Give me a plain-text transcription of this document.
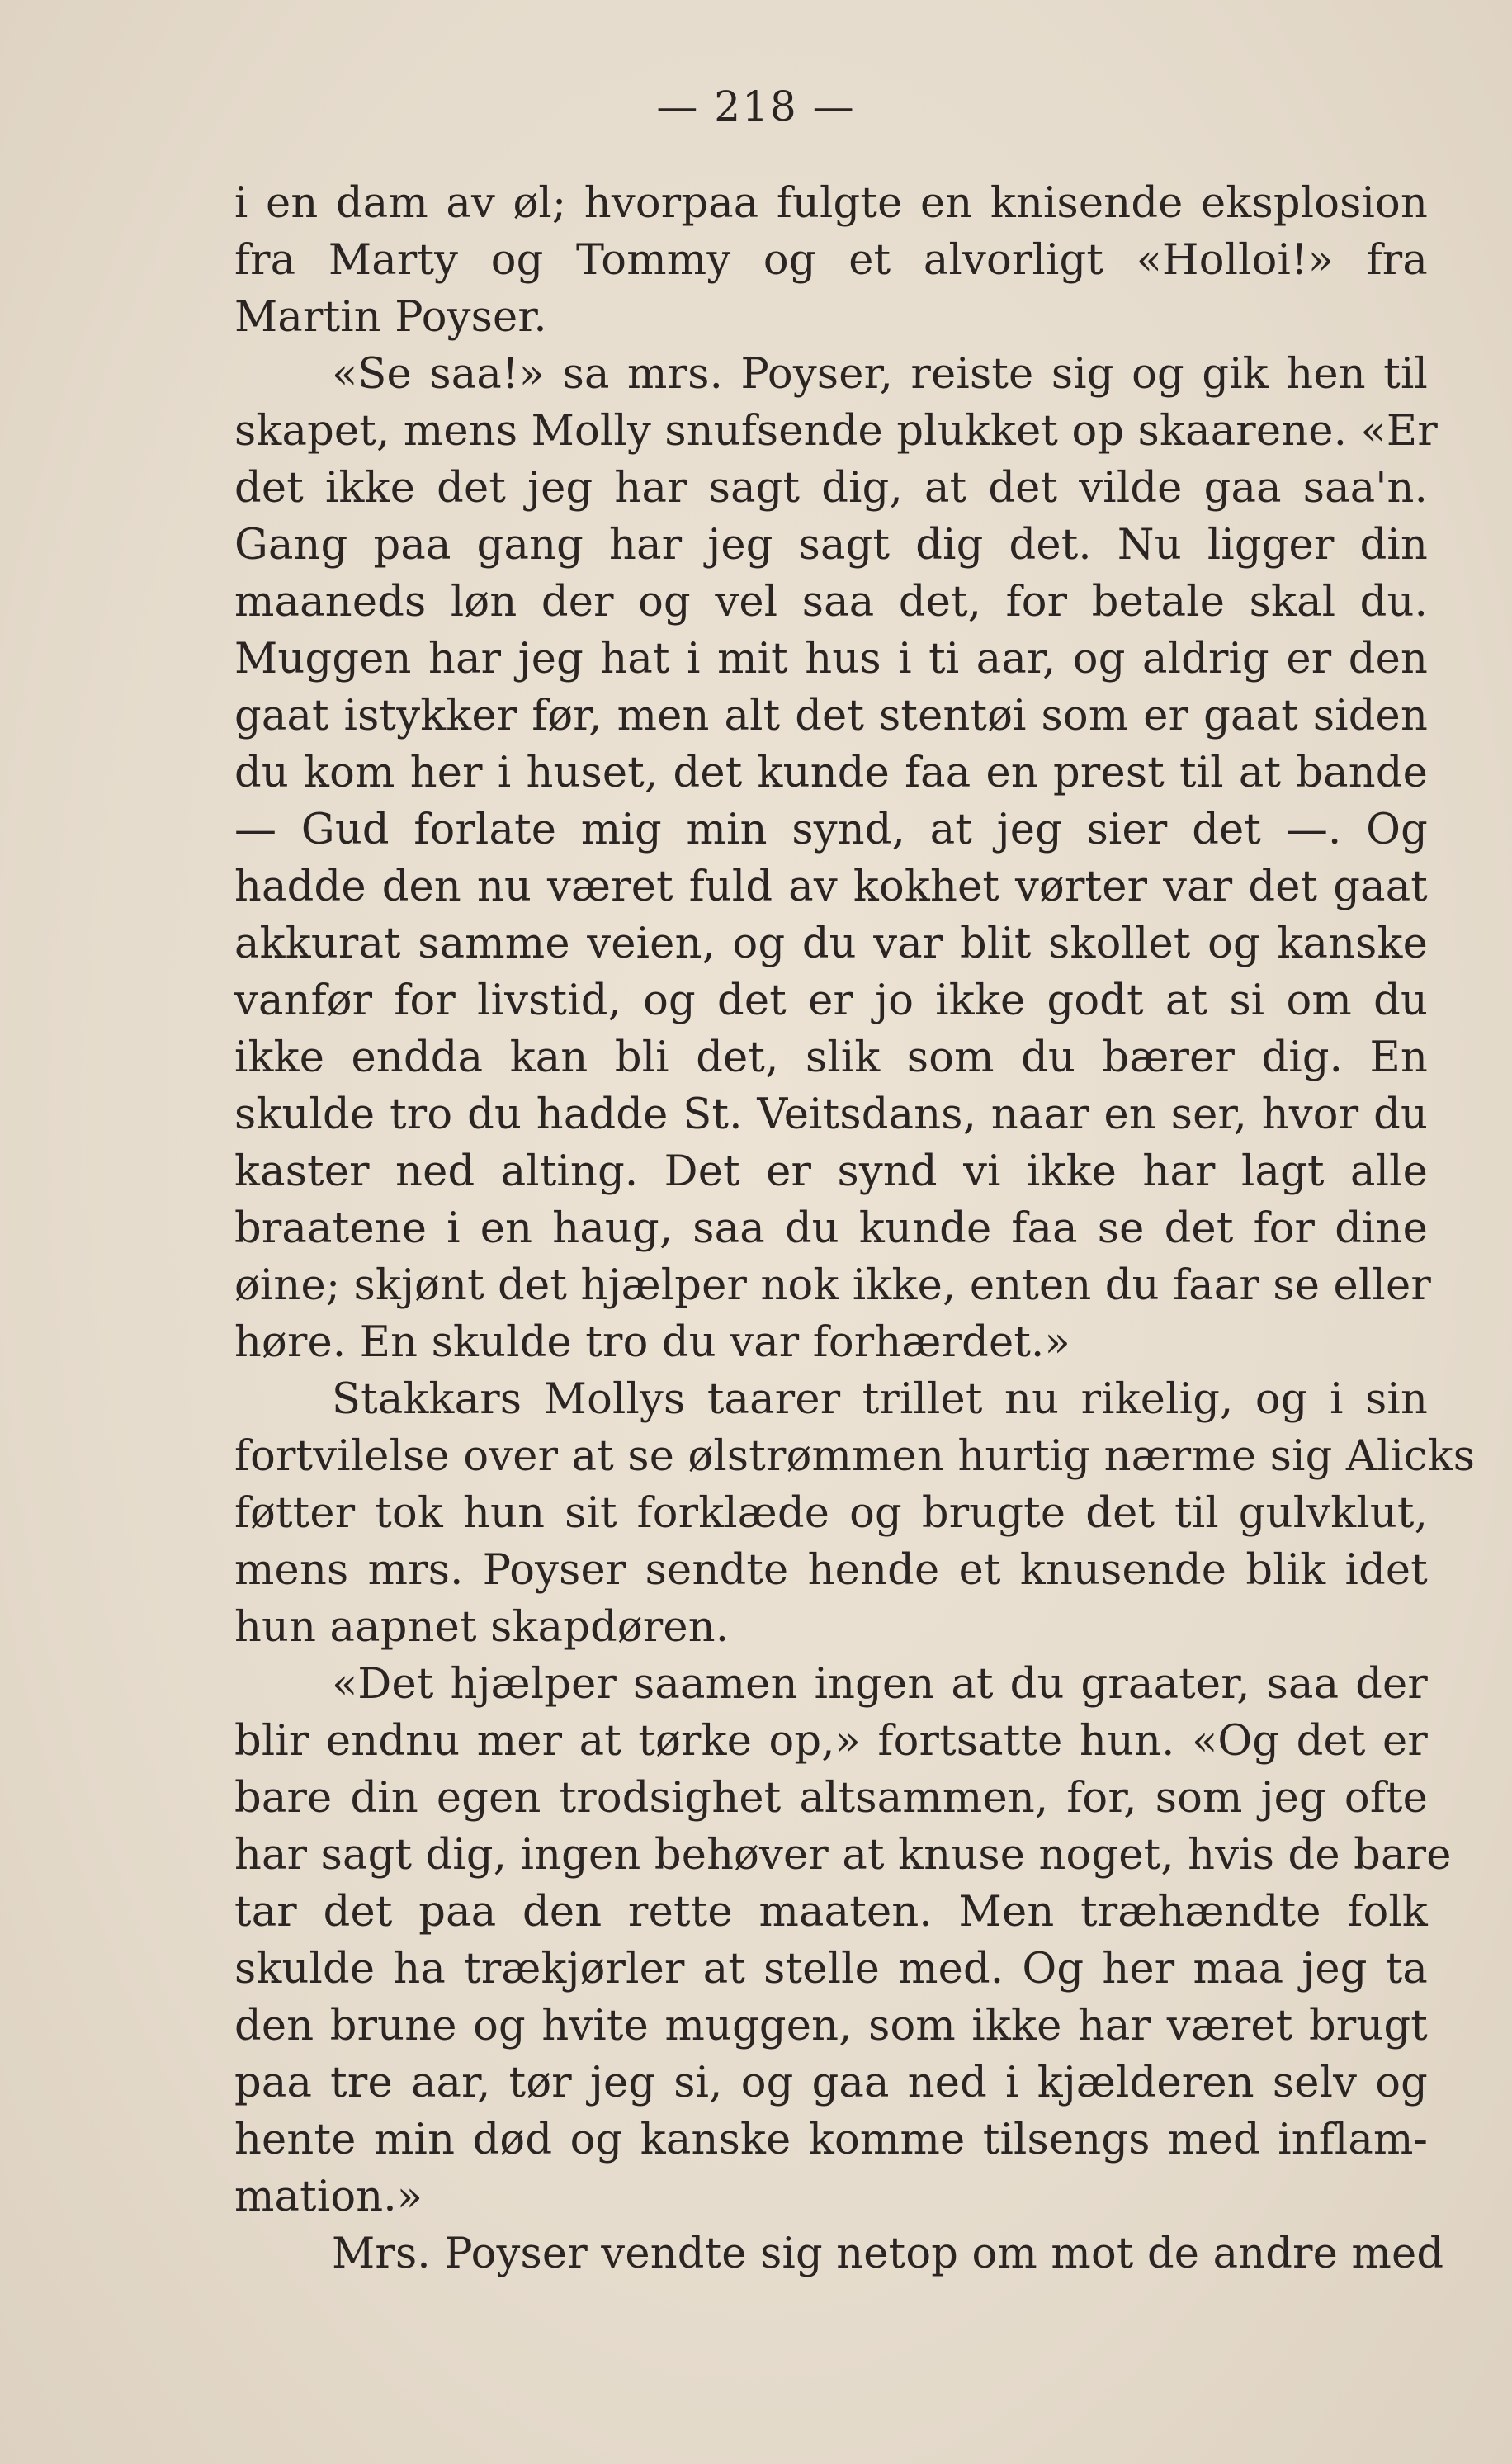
— 218 —
i en dam av øl; hvorpaa fulgte en knisende eksplosion
fra Marty og Tommy og et alvorligt «Holloi!» fra
Martin Poyser.
«Se saa!» sa mrs. Poyser, reiste sig og gik hen til
skapet, mens Molly snufsende plukket op skaarene. «Er
det ikke det jeg har sagt dig, at det vilde gaa saa'n.
Gang paa gang har jeg sagt dig det. Nu ligger din
maaneds løn der og vel saa det, for betale skal du.
Muggen har jeg hat i mit hus i ti aar, og aldrig er den
gaat istykker før, men alt det stentøi som er gaat siden
du kom her i huset, det kunde faa en prest til at bande
— Gud forlate mig min synd, at jeg sier det —. Og
hadde den nu været fuld av kokhet vørter var det gaat
akkurat samme veien, og du var blit skollet og kanske
vanfør for livstid, og det er jo ikke godt at si om du
ikke endda kan bli det, slik som du bærer dig. En
skulde tro du hadde St. Veitsdans, naar en ser, hvor du
kaster ned alting. Det er synd vi ikke har lagt alle
braatene i en haug, saa du kunde faa se det for dine
øine; skjønt det hjælper nok ikke, enten du faar se eller
høre. En skulde tro du var forhærdet.»
Stakkars Mollys taarer trillet nu rikelig, og i sin
fortvilelse over at se ølstrømmen hurtig nærme sig Alicks
føtter tok hun sit forklæde og brugte det til gulvklut,
mens mrs. Poyser sendte hende et knusende blik idet
hun aapnet skapdøren.
«Det hjælper saamen ingen at du graater, saa der
blir endnu mer at tørke op,» fortsatte hun. «Og det er
bare din egen trodsighet altsammen, for, som jeg ofte
har sagt dig, ingen behøver at knuse noget, hvis de bare
tar det paa den rette maaten. Men træhændte folk
skulde ha trækjørler at stelle med. Og her maa jeg ta
den brune og hvite muggen, som ikke har været brugt
paa tre aar, tør jeg si, og gaa ned i kjælderen selv og
hente min død og kanske komme tilsengs med inflam-
mation.»
Mrs. Poyser vendte sig netop om mot de andre med
